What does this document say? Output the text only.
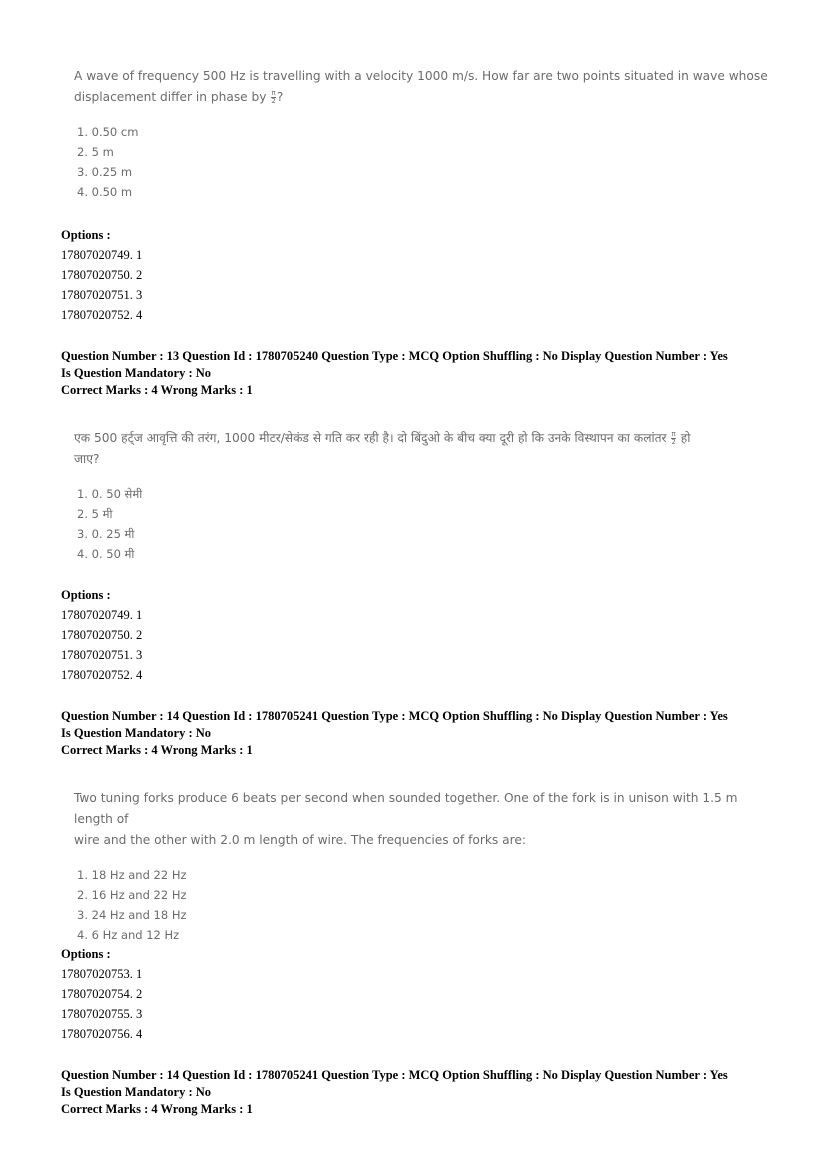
A wave of frequency 500 Hz is travelling with a velocity 1000 m/s. How far are two points situated in wave whose
displacement differ in phase by $\frac{\pi}{2}$ ?
1. 0.50 cm
2. 5 m
3. 0.25 m
4. 0.50 m
Options :
17807020749. 1
17807020750. 2
17807020751. 3
17807020752. 4
Question Number : 13 Question Id : 1780705240 Question Type : MCQ Option Shuffling : No Display Question Number : Yes
Is Question Mandatory : No
Correct Marks : 4 Wrong Marks : 1
एक 500 हर्ट्ज आवृत्ति की तरंग, 1000 मीटर/सेकंड से गति कर रही है। दो बिंदुओ के बीच क्या दूरी हो कि उनके विस्थापन का कलांतर $\frac{\pi}{2}$ हो
जाए?
1. 0. 50 सेमी
2. 5 मी
3. 0. 25 मी
4. 0. 50 मी
Options :
17807020749. 1
17807020750. 2
17807020751. 3
17807020752. 4
Question Number : 14 Question Id : 1780705241 Question Type : MCQ Option Shuffling : No Display Question Number : Yes
Is Question Mandatory : No
Correct Marks : 4 Wrong Marks : 1
Two tuning forks produce 6 beats per second when sounded together. One of the fork is in unison with 1.5 m length of
wire and the other with 2.0 m length of wire. The frequencies of forks are:
1. 18 Hz and 22 Hz
2. 16 Hz and 22 Hz
3. 24 Hz and 18 Hz
4. 6 Hz and 12 Hz
Options :
17807020753. 1
17807020754. 2
17807020755. 3
17807020756. 4
Question Number : 14 Question Id : 1780705241 Question Type : MCQ Option Shuffling : No Display Question Number : Yes
Is Question Mandatory : No
Correct Marks : 4 Wrong Marks : 1
